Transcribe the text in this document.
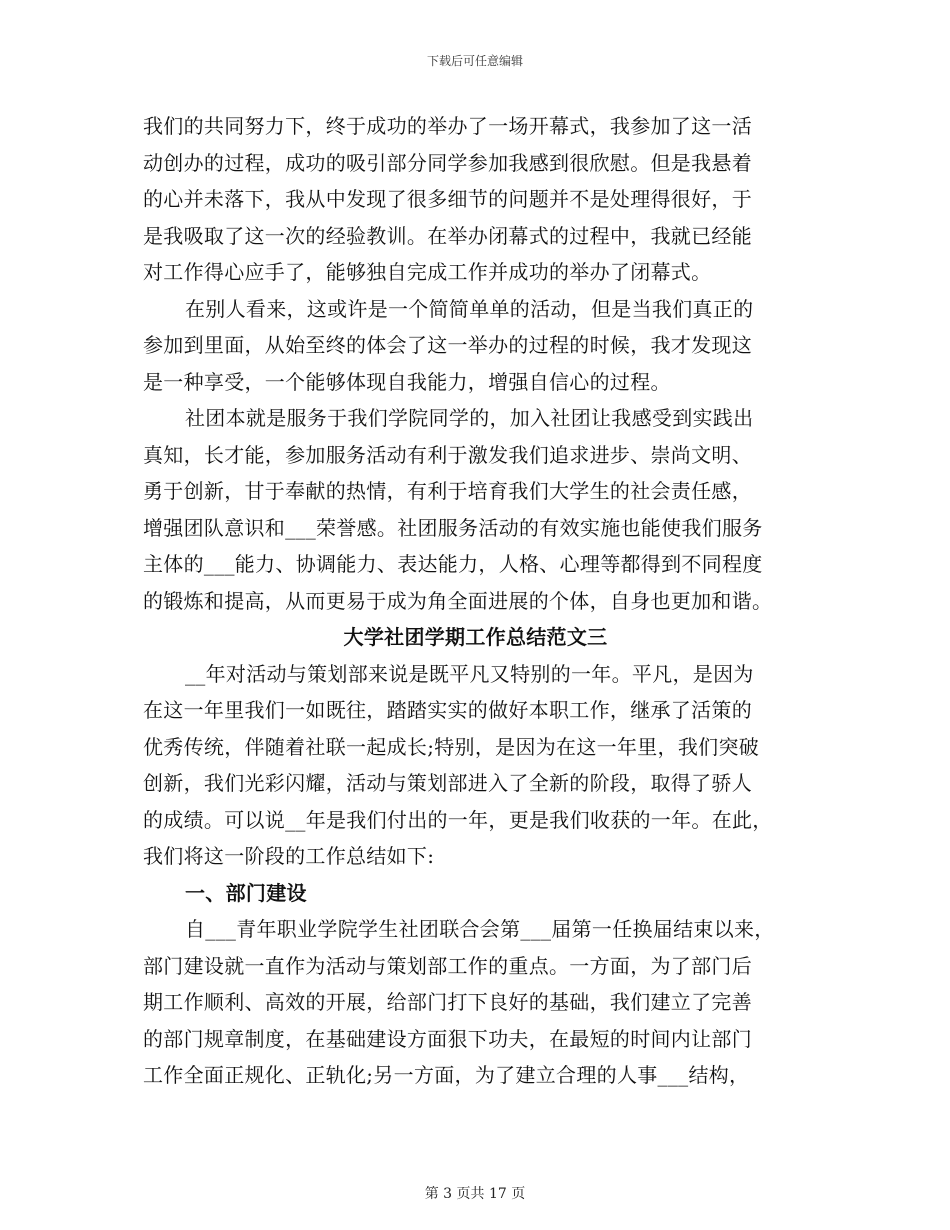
下载后可任意编辑
我们的共同努力下，终于成功的举办了一场开幕式，我参加了这一活
动创办的过程，成功的吸引部分同学参加我感到很欣慰。但是我悬着
的心并未落下，我从中发现了很多细节的问题并不是处理得很好，于
是我吸取了这一次的经验教训。在举办闭幕式的过程中，我就已经能
对工作得心应手了，能够独自完成工作并成功的举办了闭幕式。
在别人看来，这或许是一个简简单单的活动，但是当我们真正的
参加到里面，从始至终的体会了这一举办的过程的时候，我才发现这
是一种享受，一个能够体现自我能力，增强自信心的过程。
社团本就是服务于我们学院同学的，加入社团让我感受到实践出
真知，长才能，参加服务活动有利于激发我们追求进步、崇尚文明、
勇于创新，甘于奉献的热情，有利于培育我们大学生的社会责任感，
增强团队意识和___荣誉感。社团服务活动的有效实施也能使我们服务
主体的___能力、协调能力、表达能力，人格、心理等都得到不同程度
的锻炼和提高，从而更易于成为角全面进展的个体，自身也更加和谐。
大学社团学期工作总结范文三
__年对活动与策划部来说是既平凡又特别的一年。平凡，是因为
在这一年里我们一如既往，踏踏实实的做好本职工作，继承了活策的
优秀传统，伴随着社联一起成长;特别，是因为在这一年里，我们突破
创新，我们光彩闪耀，活动与策划部进入了全新的阶段，取得了骄人
的成绩。可以说__年是我们付出的一年，更是我们收获的一年。在此，
我们将这一阶段的工作总结如下:
一、部门建设
自___青年职业学院学生社团联合会第___届第一任换届结束以来，
部门建设就一直作为活动与策划部工作的重点。一方面，为了部门后
期工作顺利、高效的开展，给部门打下良好的基础，我们建立了完善
的部门规章制度，在基础建设方面狠下功夫，在最短的时间内让部门
工作全面正规化、正轨化;另一方面，为了建立合理的人事___结构，
第 3 页共 17 页
